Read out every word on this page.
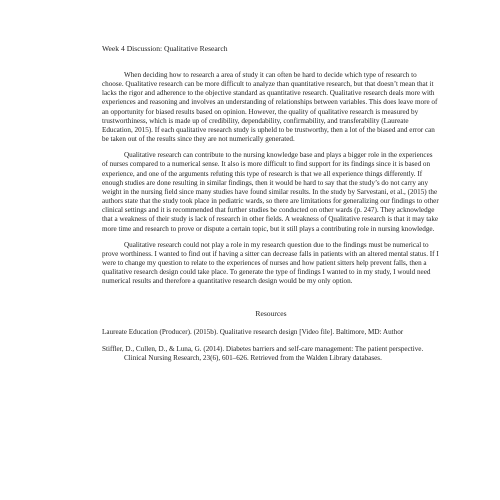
Week 4 Discussion: Qualitative Research

When deciding how to research a area of study it can often be hard to decide which type of research to choose. Qualitative research can be more difficult to analyze than quantitative research, but that doesn’t mean that it lacks the rigor and adherence to the objective standard as quantitative research. Qualitative research deals more with experiences and reasoning and involves an understanding of relationships between variables. This does leave more of an opportunity for biased results based on opinion. However, the quality of qualitative research is measured by trustworthiness, which is made up of credibility, dependability, confirmability, and transferability (Laureate Education, 2015). If each qualitative research study is upheld to be trustworthy, then a lot of the biased and error can be taken out of the results since they are not numerically generated.

Qualitative research can contribute to the nursing knowledge base and plays a bigger role in the experiences of nurses compared to a numerical sense. It also is more difficult to find support for its findings since it is based on experience, and one of the arguments refuting this type of research is that we all experience things differently. If enough studies are done resulting in similar findings, then it would be hard to say that the study’s do not carry any weight in the nursing field since many studies have found similar results. In the study by Sarvestani, et al., (2015) the authors state that the study took place in pediatric wards, so there are limitations for generalizing our findings to other clinical settings and it is recommended that further studies be conducted on other wards (p. 247). They acknowledge that a weakness of their study is lack of research in other fields. A weakness of Qualitative research is that it may take more time and research to prove or dispute a certain topic, but it still plays a contributing role in nursing knowledge.

Qualitative research could not play a role in my research question due to the findings must be numerical to prove worthiness. I wanted to find out if having a sitter can decrease falls in patients with an altered mental status. If I were to change my question to relate to the experiences of nurses and how patient sitters help prevent falls, then a qualitative research design could take place. To generate the type of findings I wanted to in my study, I would need numerical results and therefore a quantitative research design would be my only option.

Resources

Laureate Education (Producer). (2015b). Qualitative research design [Video file]. Baltimore, MD: Author

Stiffler, D., Cullen, D., & Luna, G. (2014). Diabetes barriers and self-care management: The patient perspective. Clinical Nursing Research, 23(6), 601–626. Retrieved from the Walden Library databases.
